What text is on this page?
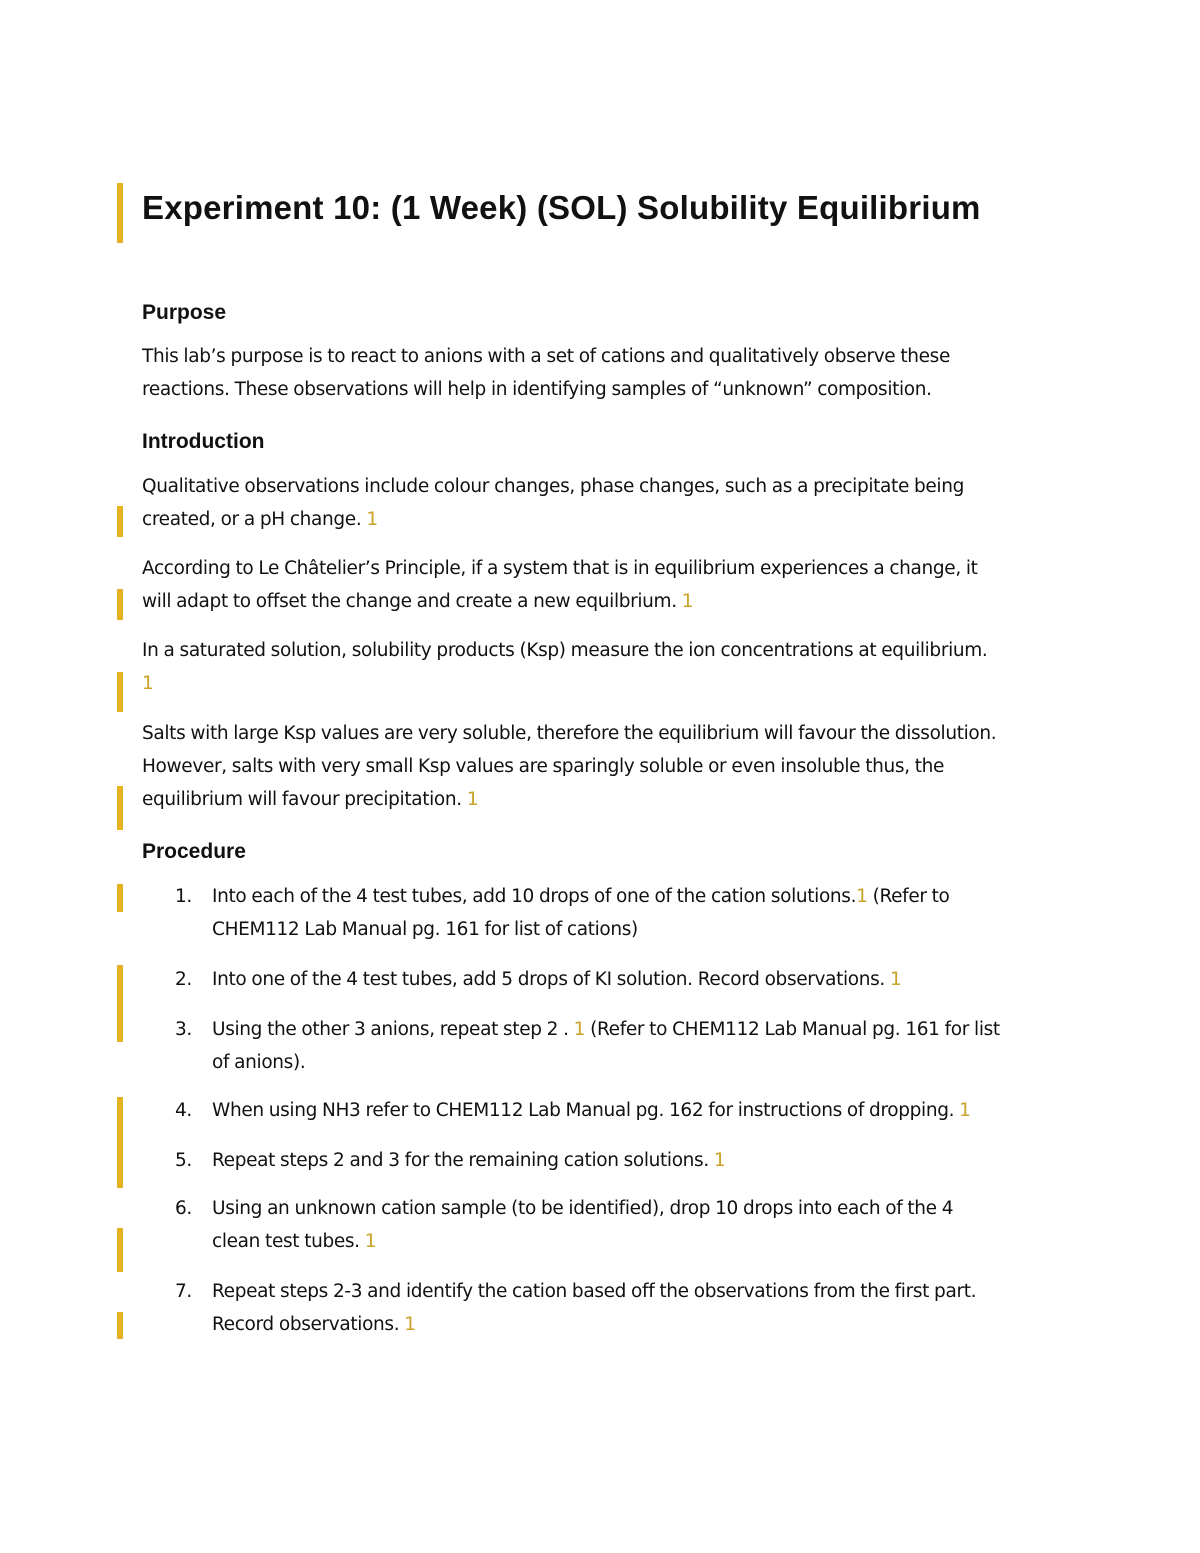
Experiment 10: (1 Week) (SOL) Solubility Equilibrium
Purpose

This lab’s purpose is to react to anions with a set of cations and qualitatively observe these
reactions. These observations will help in identifying samples of “unknown” composition.

Introduction

Qualitative observations include colour changes, phase changes, such as a precipitate being
created, or a pH change. 1

According to Le Châtelier’s Principle, if a system that is in equilibrium experiences a change, it
will adapt to offset the change and create a new equilbrium. 1

In a saturated solution, solubility products (Ksp) measure the ion concentrations at equilibrium.
1

Salts with large Ksp values are very soluble, therefore the equilibrium will favour the dissolution.
However, salts with very small Ksp values are sparingly soluble or even insoluble thus, the
equilibrium will favour precipitation. 1

Procedure
1.	Into each of the 4 test tubes, add 10 drops of one of the cation solutions.1 (Refer to
CHEM112 Lab Manual pg. 161 for list of cations)
2.	Into one of the 4 test tubes, add 5 drops of KI solution. Record observations. 1
3.	Using the other 3 anions, repeat step 2 . 1 (Refer to CHEM112 Lab Manual pg. 161 for list
of anions).
4.	When using NH3 refer to CHEM112 Lab Manual pg. 162 for instructions of dropping. 1
5.	Repeat steps 2 and 3 for the remaining cation solutions. 1
6.	Using an unknown cation sample (to be identified), drop 10 drops into each of the 4
clean test tubes. 1
7.	Repeat steps 2-3 and identify the cation based off the observations from the first part.
Record observations. 1
